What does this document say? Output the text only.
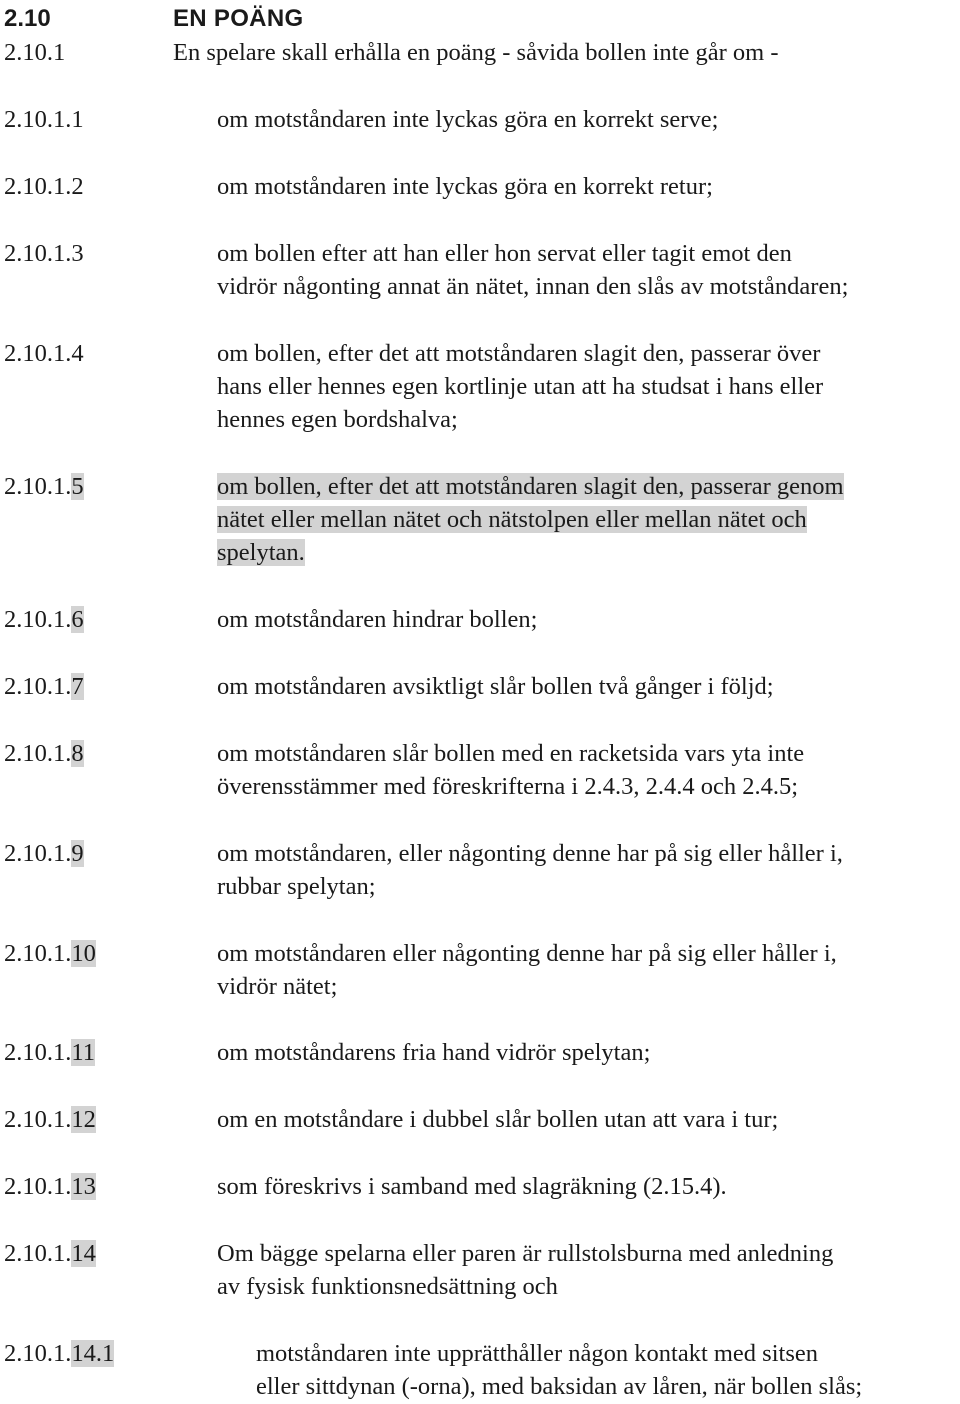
2.10	EN POÄNG
2.10.1	En spelare skall erhålla en poäng - såvida bollen inte går om -
2.10.1.1	om motståndaren inte lyckas göra en korrekt serve;
2.10.1.2	om motståndaren inte lyckas göra en korrekt retur;
2.10.1.3	om bollen efter att han eller hon servat eller tagit emot den
vidrör någonting annat än nätet, innan den slås av motståndaren;
2.10.1.4	om bollen, efter det att motståndaren slagit den, passerar över
hans eller hennes egen kortlinje utan att ha studsat i hans eller
hennes egen bordshalva;
2.10.1.5	om bollen, efter det att motståndaren slagit den, passerar genom
nätet eller mellan nätet och nätstolpen eller mellan nätet och
spelytan.
2.10.1.6	om motståndaren hindrar bollen;
2.10.1.7	om motståndaren avsiktligt slår bollen två gånger i följd;
2.10.1.8	om motståndaren slår bollen med en racketsida vars yta inte
överensstämmer med föreskrifterna i 2.4.3, 2.4.4 och 2.4.5;
2.10.1.9	om motståndaren, eller någonting denne har på sig eller håller i,
rubbar spelytan;
2.10.1.10	om motståndaren eller någonting denne har på sig eller håller i,
vidrör nätet;
2.10.1.11	om motståndarens fria hand vidrör spelytan;
2.10.1.12	om en motståndare i dubbel slår bollen utan att vara i tur;
2.10.1.13	som föreskrivs i samband med slagräkning (2.15.4).
2.10.1.14	Om bägge spelarna eller paren är rullstolsburna med anledning
av fysisk funktionsnedsättning och
2.10.1.14.1	motståndaren inte upprätthåller någon kontakt med sitsen
eller sittdynan (-orna), med baksidan av låren, när bollen slås;
